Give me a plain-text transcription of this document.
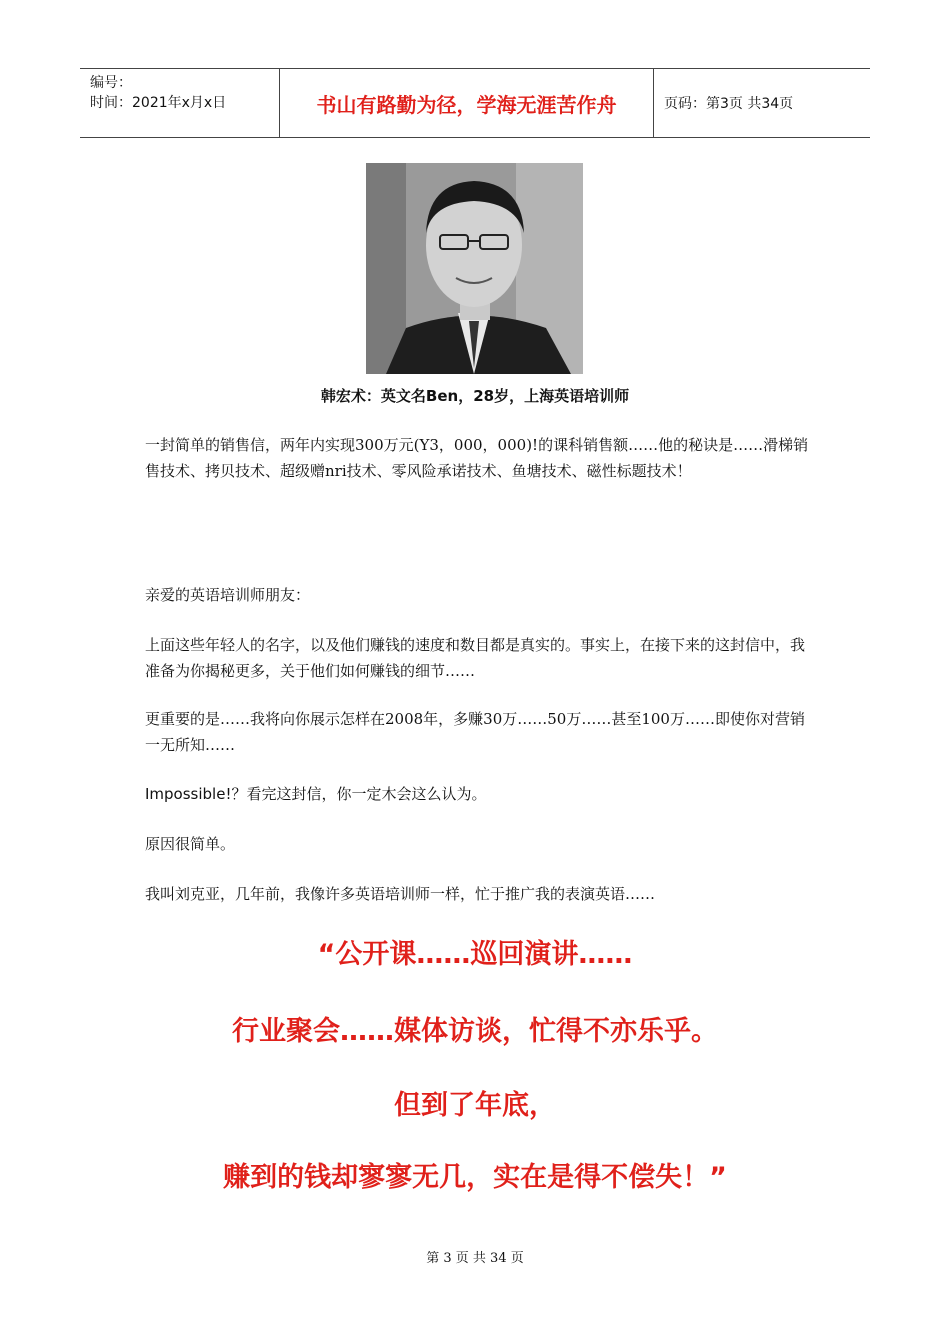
编号：
时间：2021年x月x日	书山有路勤为径，学海无涯苦作舟	页码：第3页 共34页
韩宏术：英文名Ben，28岁，上海英语培训师

一封简单的销售信，两年内实现300万元(Y3，000，000)!的课科销售额……他的秘诀是……滑梯销售技术、拷贝技术、超级赠nri技术、零风险承诺技术、鱼塘技术、磁性标题技术！

亲爱的英语培训师朋友：

上面这些年轻人的名字，以及他们赚钱的速度和数目都是真实的。事实上，在接下来的这封信中，我准备为你揭秘更多，关于他们如何赚钱的细节……

更重要的是……我将向你展示怎样在2008年，多赚30万……50万……甚至100万……即使你对营销一无所知……

Impossible!？看完这封信，你一定木会这么认为。

原因很简单。

我叫刘克亚，几年前，我像许多英语培训师一样，忙于推广我的表演英语……

“公开课……巡回演讲……

行业聚会……媒体访谈，忙得不亦乐乎。

但到了年底，

赚到的钱却寥寥无几，实在是得不偿失！”

第 3 页 共 34 页
